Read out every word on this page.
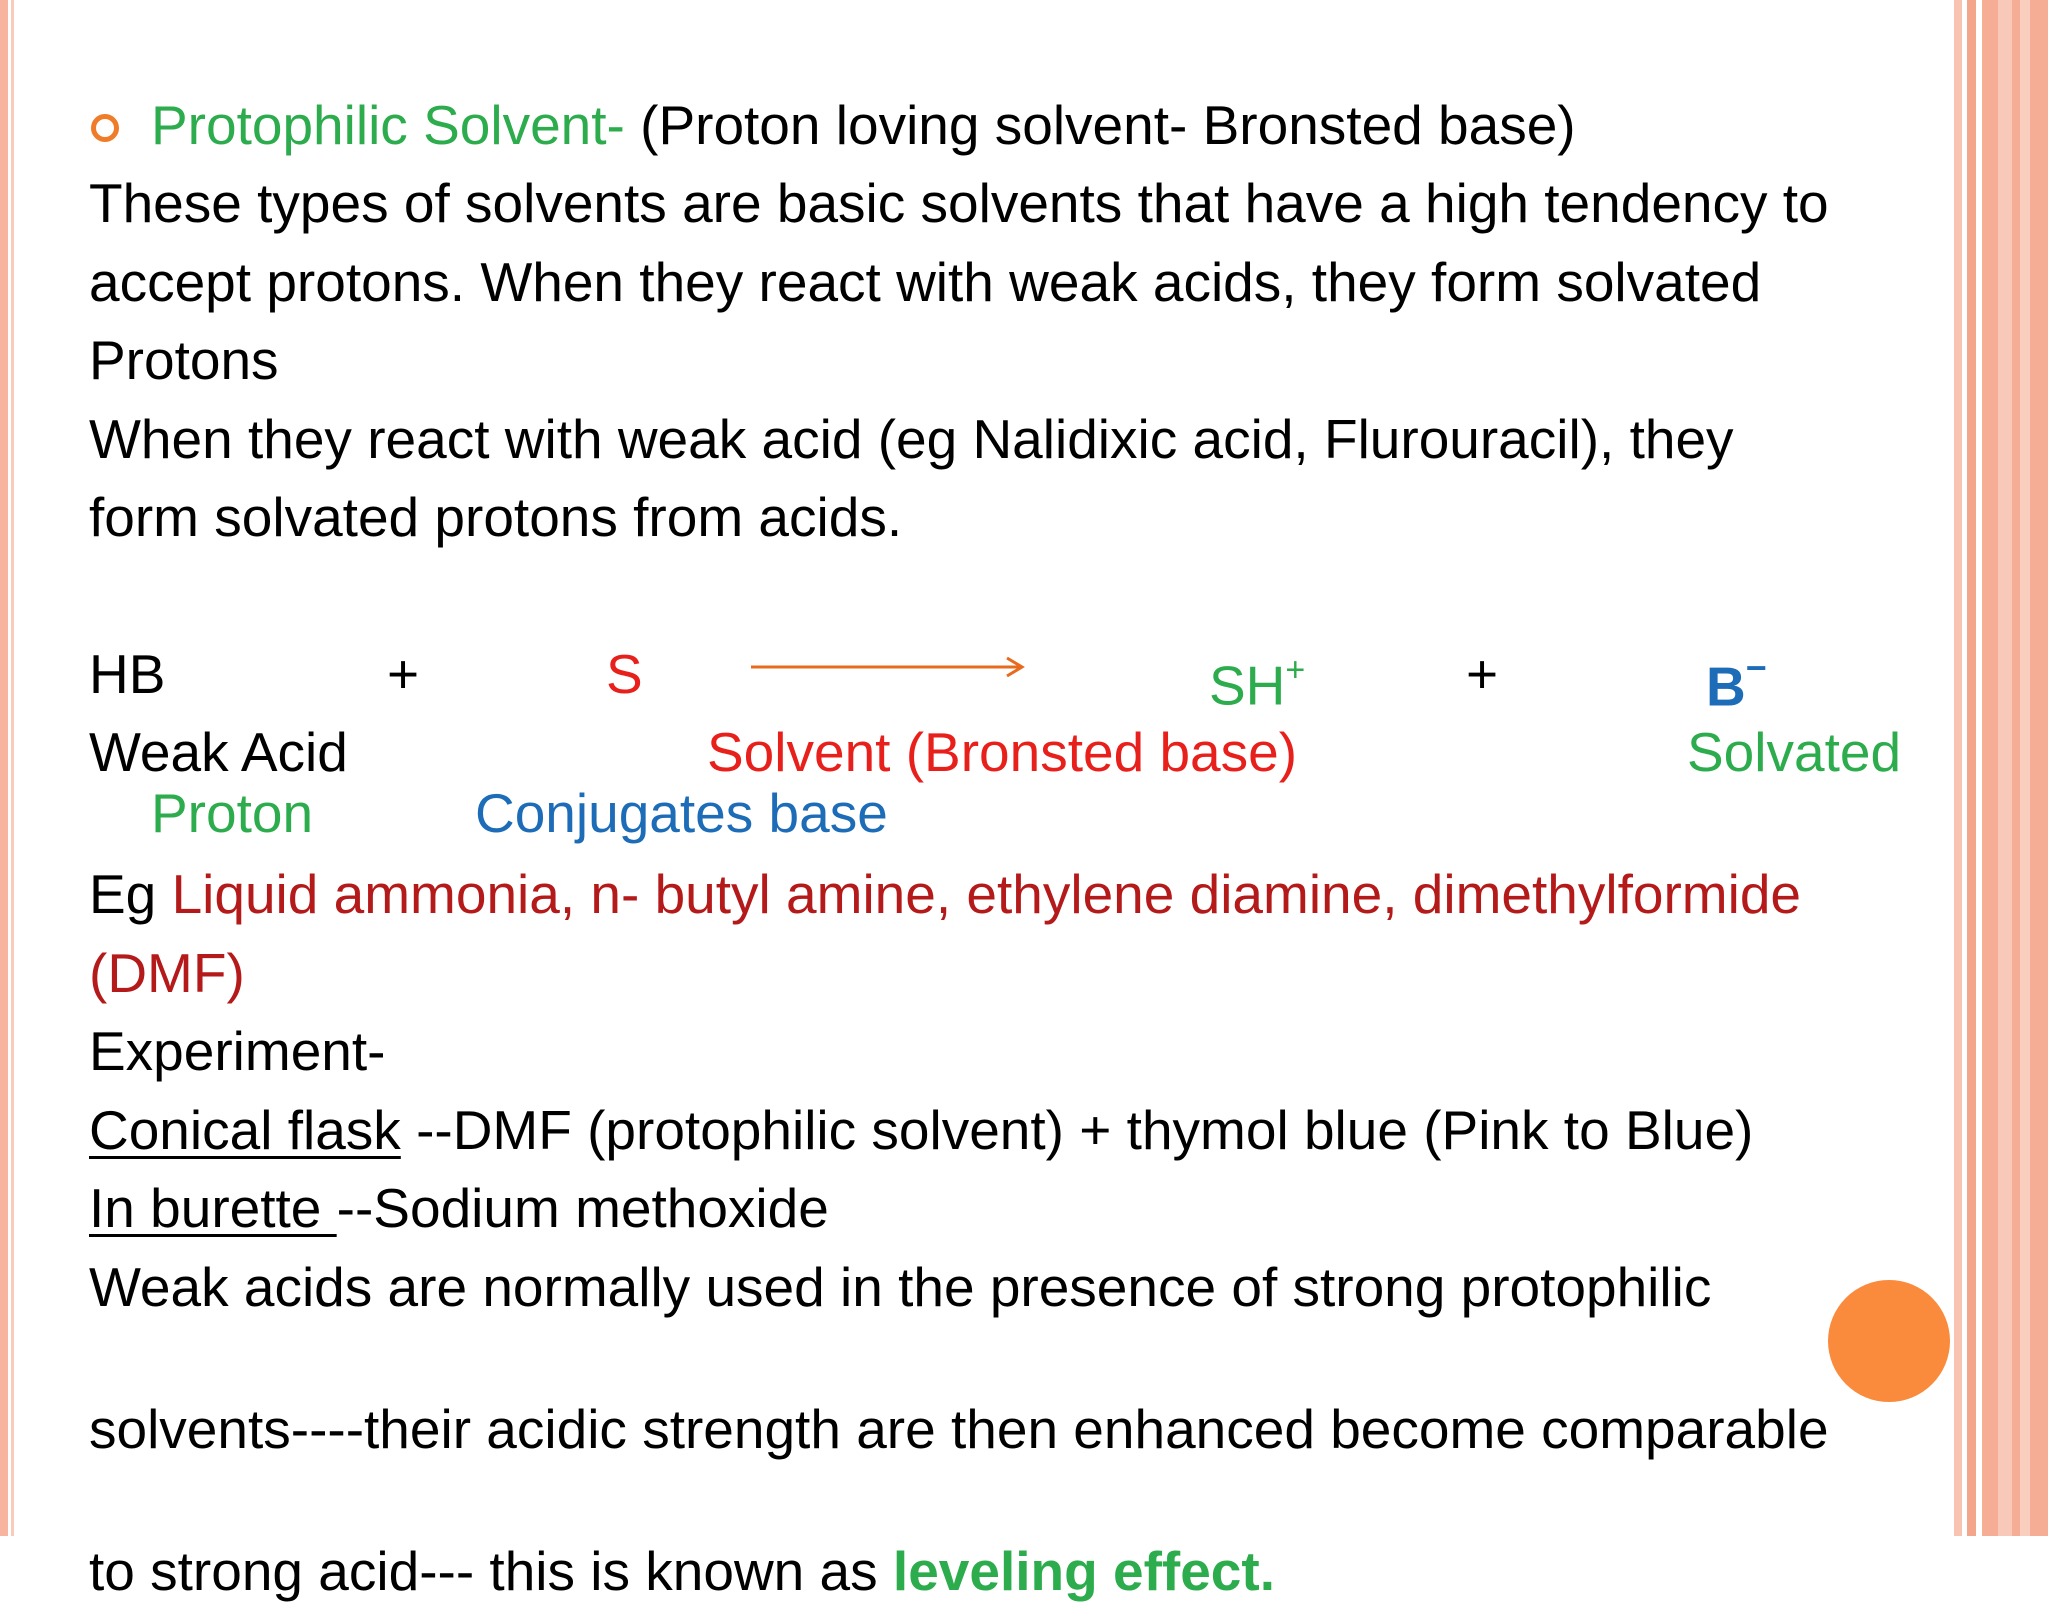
Protophilic Solvent- (Proton loving solvent- Bronsted base)
These types of solvents are basic solvents that have a high tendency to
accept protons. When they react with weak acids, they form solvated
Protons
When they react with weak acid (eg Nalidixic acid, Flurouracil), they
form solvated protons from acids.
HB	+	S	SH+	+	B−
Weak Acid	Solvent (Bronsted base)	Solvated
Proton	Conjugates base
Eg Liquid ammonia, n- butyl amine, ethylene diamine, dimethylformide
(DMF)
Experiment-
Conical flask --DMF (protophilic solvent) + thymol blue (Pink to Blue)
In burette --Sodium methoxide
Weak acids are normally used in the presence of strong protophilic
solvents----their acidic strength are then enhanced become comparable
to strong acid--- this is known as leveling effect.
